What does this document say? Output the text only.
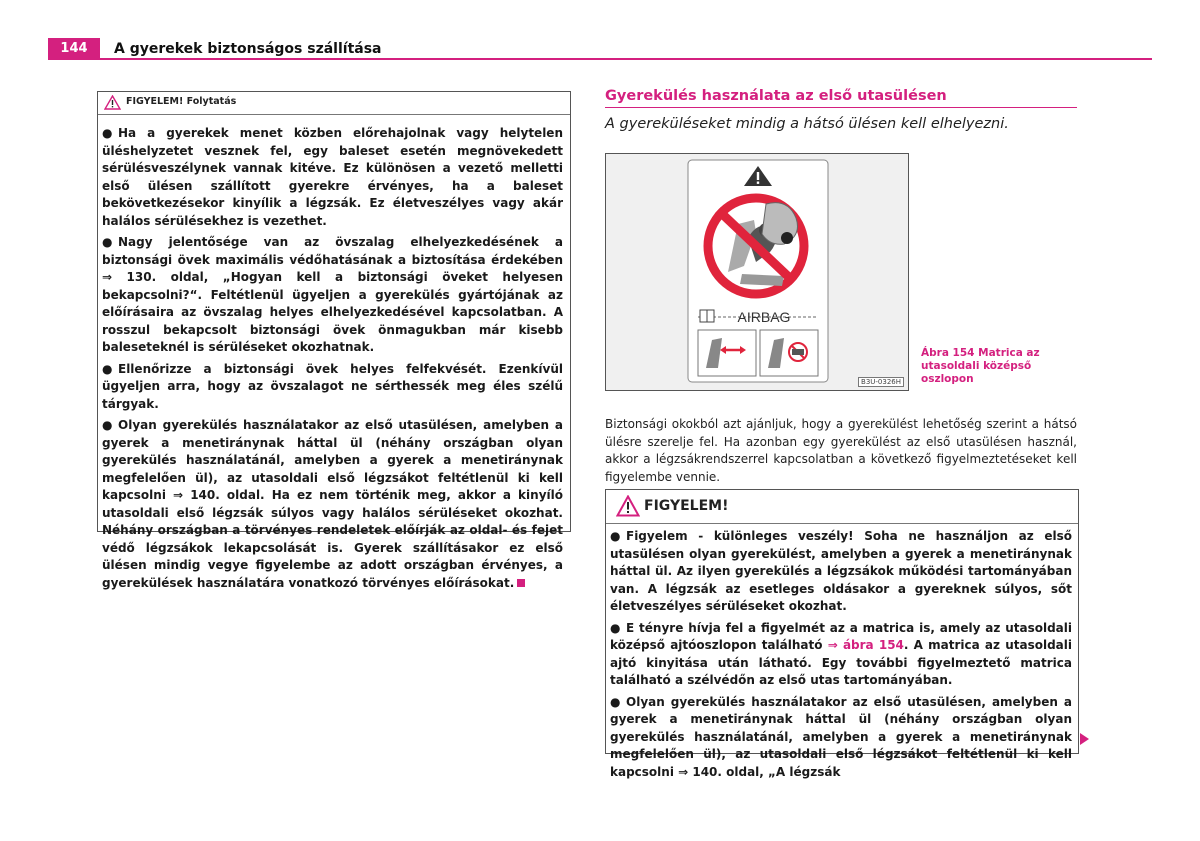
144	A gyerekek biztonságos szállítása
FIGYELEM! Folytatás

● Ha a gyerekek menet közben előrehajolnak vagy helytelen üléshelyzetet vesznek fel, egy baleset esetén megnövekedett sérülésveszélynek vannak kitéve. Ez különösen a vezető melletti első ülésen szállított gyerekre érvényes, ha a baleset bekövetkezésekor kinyílik a légzsák. Ez életveszélyes vagy akár halálos sérülésekhez is vezethet.

● Nagy jelentősége van az övszalag elhelyezkedésének a biztonsági övek maximális védőhatásának a biztosítása érdekében ⇒ 130. oldal, „Hogyan kell a biztonsági öveket helyesen bekapcsolni?“. Feltétlenül ügyeljen a gyerekülés gyártójának az előírásaira az övszalag helyes elhelyezkedésével kapcsolatban. A rosszul bekapcsolt biztonsági övek önmagukban már kisebb baleseteknél is sérüléseket okozhatnak.

● Ellenőrizze a biztonsági övek helyes felfekvését. Ezenkívül ügyeljen arra, hogy az övszalagot ne sérthessék meg éles szélű tárgyak.

● Olyan gyerekülés használatakor az első utasülésen, amelyben a gyerek a menetiránynak háttal ül (néhány országban olyan gyerekülés használatánál, amelyben a gyerek a menetiránynak megfelelően ül), az utasoldali első légzsákot feltétlenül ki kell kapcsolni ⇒ 140. oldal. Ha ez nem történik meg, akkor a kinyíló utasoldali első légzsák súlyos vagy halálos sérüléseket okozhat. Néhány országban a törvényes rendeletek előírják az oldal- és fejet védő légzsákok lekapcsolását is. Gyerek szállításakor ez első ülésen mindig vegye figyelembe az adott országban érvényes, a gyerekülések használatára vonatkozó törvényes előírásokat.

Gyerekülés használata az első utasülésen
A gyereküléseket mindig a hátsó ülésen kell elhelyezni.
AIRBAG
B3U-0326H
Ábra 154 Matrica az utasoldali középső oszlopon
Biztonsági okokból azt ajánljuk, hogy a gyerekülést lehetőség szerint a hátsó ülésre szerelje fel. Ha azonban egy gyerekülést az első utasülésen használ, akkor a légzsákrendszerrel kapcsolatban a következő figyelmeztetéseket kell figyelembe vennie.
FIGYELEM!

● Figyelem - különleges veszély! Soha ne használjon az első utasülésen olyan gyerekülést, amelyben a gyerek a menetiránynak háttal ül. Az ilyen gyerekülés a légzsákok működési tartományában van. A légzsák az esetleges oldásakor a gyereknek súlyos, sőt életveszélyes sérüléseket okozhat.

● E tényre hívja fel a figyelmét az a matrica is, amely az utasoldali középső ajtóoszlopon található ⇒ ábra 154. A matrica az utasoldali ajtó kinyitása után látható. Egy további figyelmeztető matrica található a szélvédőn az első utas tartományában.

● Olyan gyerekülés használatakor az első utasülésen, amelyben a gyerek a menetiránynak háttal ül (néhány országban olyan gyerekülés használatánál, amelyben a gyerek a menetiránynak megfelelően ül), az utasoldali első légzsákot feltétlenül ki kell kapcsolni ⇒ 140. oldal, „A légzsák
